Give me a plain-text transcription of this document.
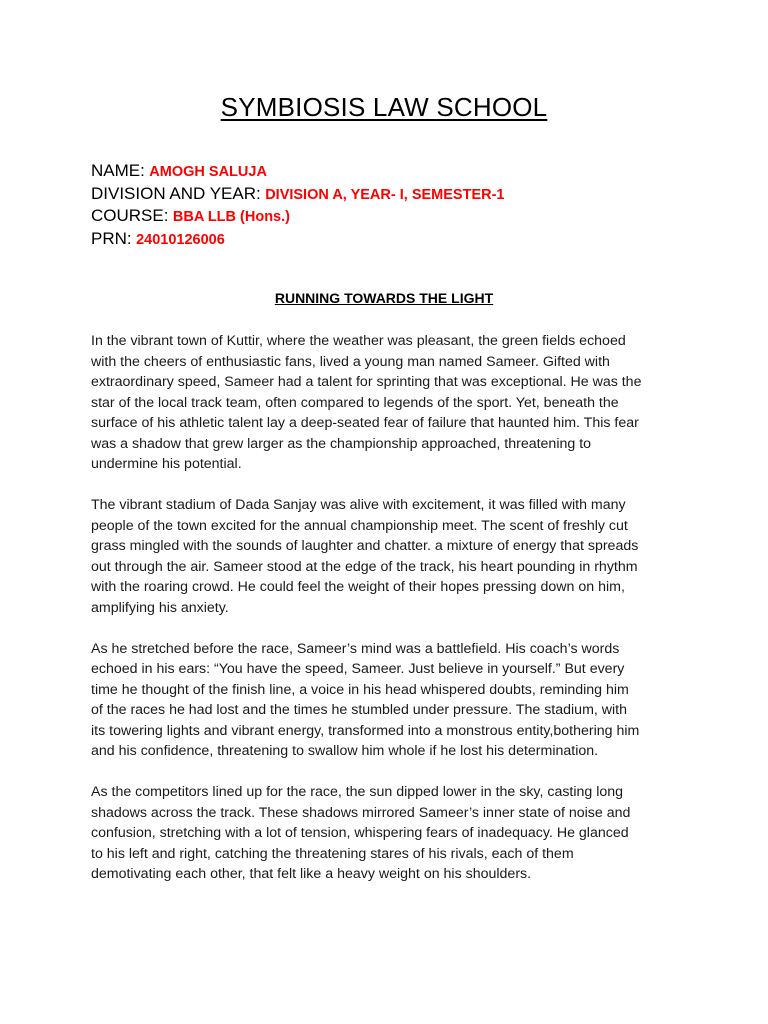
SYMBIOSIS LAW SCHOOL
NAME: AMOGH SALUJA
DIVISION AND YEAR: DIVISION A, YEAR- I, SEMESTER-1
COURSE: BBA LLB (Hons.)
PRN: 24010126006
RUNNING TOWARDS THE LIGHT

In the vibrant town of Kuttir, where the weather was pleasant, the green fields echoed
with the cheers of enthusiastic fans, lived a young man named Sameer. Gifted with
extraordinary speed, Sameer had a talent for sprinting that was exceptional. He was the
star of the local track team, often compared to legends of the sport. Yet, beneath the
surface of his athletic talent lay a deep-seated fear of failure that haunted him. This fear
was a shadow that grew larger as the championship approached, threatening to
undermine his potential.

The vibrant stadium of Dada Sanjay was alive with excitement, it was filled with many
people of the town excited for the annual championship meet. The scent of freshly cut
grass mingled with the sounds of laughter and chatter. a mixture of energy that spreads
out through the air. Sameer stood at the edge of the track, his heart pounding in rhythm
with the roaring crowd. He could feel the weight of their hopes pressing down on him,
amplifying his anxiety.

As he stretched before the race, Sameer’s mind was a battlefield. His coach’s words
echoed in his ears: “You have the speed, Sameer. Just believe in yourself.” But every
time he thought of the finish line, a voice in his head whispered doubts, reminding him
of the races he had lost and the times he stumbled under pressure. The stadium, with
its towering lights and vibrant energy, transformed into a monstrous entity,bothering him
and his confidence, threatening to swallow him whole if he lost his determination.

As the competitors lined up for the race, the sun dipped lower in the sky, casting long
shadows across the track. These shadows mirrored Sameer’s inner state of noise and
confusion, stretching with a lot of tension, whispering fears of inadequacy. He glanced
to his left and right, catching the threatening stares of his rivals, each of them
demotivating each other, that felt like a heavy weight on his shoulders.
